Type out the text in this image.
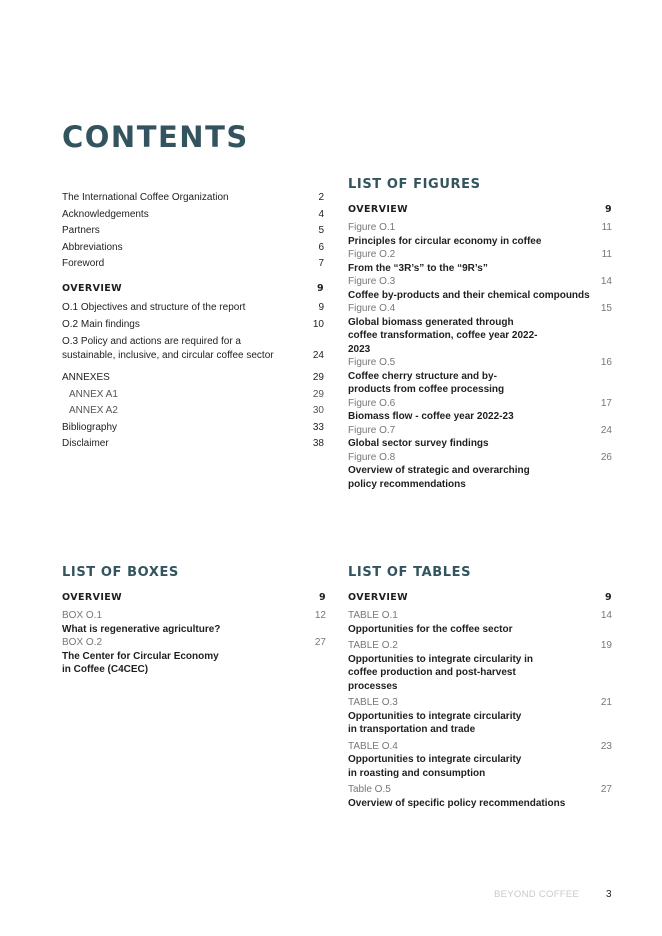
CONTENTS
The International Coffee Organization	2
Acknowledgements	4
Partners	5
Abbreviations	6
Foreword	7
OVERVIEW	9
O.1 Objectives and structure of the report	9
O.2 Main findings	10
O.3 Policy and actions are required for a sustainable, inclusive, and circular coffee sector	24
ANNEXES	29
ANNEX A1	29
ANNEX A2	30
Bibliography	33
Disclaimer	38
LIST OF FIGURES
OVERVIEW	9
Figure O.1	11
Principles for circular economy in coffee
Figure O.2	11
From the “3R’s” to the “9R’s”
Figure O.3	14
Coffee by-products and their chemical compounds
Figure O.4	15
Global biomass generated through coffee transformation, coffee year 2022-2023
Figure O.5	16
Coffee cherry structure and by-products from coffee processing
Figure O.6	17
Biomass flow - coffee year 2022-23
Figure O.7	24
Global sector survey findings
Figure O.8	26
Overview of strategic and overarching policy recommendations
LIST OF BOXES
OVERVIEW	9
BOX O.1	12
What is regenerative agriculture?
BOX O.2	27
The Center for Circular Economy in Coffee (C4CEC)
LIST OF TABLES
OVERVIEW	9
TABLE O.1	14
Opportunities for the coffee sector
TABLE O.2	19
Opportunities to integrate circularity in coffee production and post-harvest processes
TABLE O.3	21
Opportunities to integrate circularity in transportation and trade
TABLE O.4	23
Opportunities to integrate circularity in roasting and consumption
Table O.5	27
Overview of specific policy recommendations
BEYOND COFFEE	3
